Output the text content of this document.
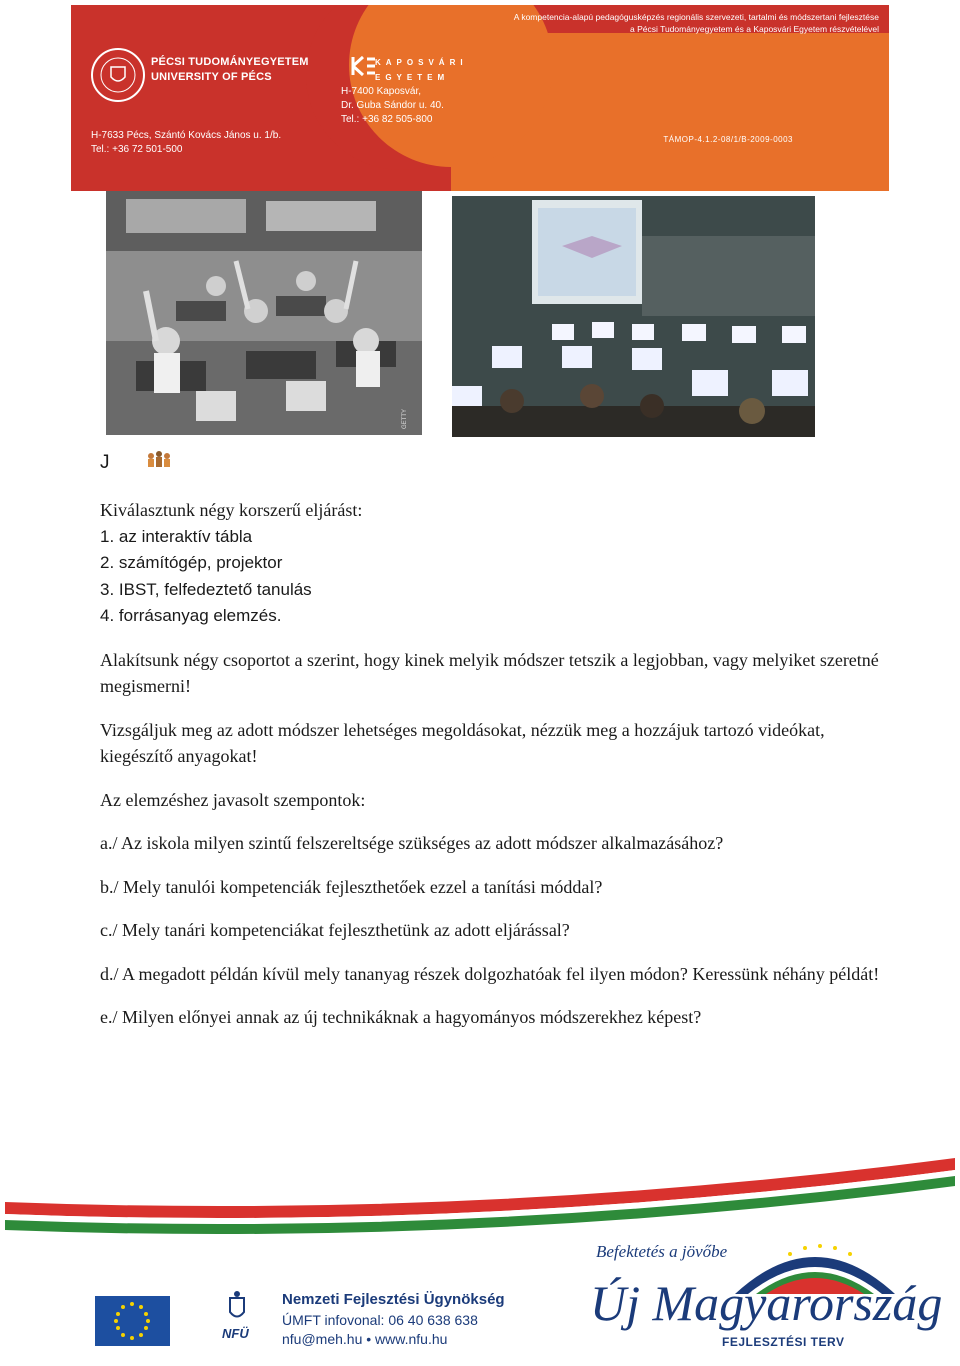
PÉCSI TUDOMÁNYEGYETEM
UNIVERSITY OF PÉCS
H-7633 Pécs, Szántó Kovács János u. 1/b.
Tel.: +36 72 501-500
KAPOSVÁRI
EGYETEM
H-7400 Kaposvár,
Dr. Guba Sándor u. 40.
Tel.: +36 82 505-800
A kompetencia-alapú pedagógusképzés regionális szervezeti, tartalmi és módszertani fejlesztése
a Pécsi Tudományegyetem és a Kaposvári Egyetem részvételével
TÁMOP-4.1.2-08/1/B-2009-0003
GETTY
J

Kiválasztunk négy korszerű eljárást:

1. az interaktív tábla

2. számítógép, projektor

3. IBST, felfedeztető tanulás

4. forrásanyag elemzés.

Alakítsunk négy csoportot a szerint, hogy kinek melyik módszer tetszik a legjobban, vagy melyiket szeretné megismerni!

Vizsgáljuk meg az adott módszer lehetséges megoldásokat, nézzük meg a hozzájuk tartozó videókat, kiegészítő anyagokat!

Az elemzéshez javasolt szempontok:

a./ Az iskola milyen szintű felszereltsége szükséges az adott módszer alkalmazásához?

b./ Mely tanulói kompetenciák fejleszthetőek ezzel a tanítási móddal?

c./ Mely tanári kompetenciákat fejleszthetünk az adott eljárással?

d./ A megadott példán kívül mely tananyag részek dolgozhatóak fel ilyen módon? Keressünk néhány példát!

e./ Milyen előnyei annak az új technikáknak a hagyományos módszerekhez képest?

NFÜ
Nemzeti Fejlesztési Ügynökség
ÚMFT infovonal: 06 40 638 638
nfu@meh.hu • www.nfu.hu
Befektetés a jövőbe
Új Magyarország
FEJLESZTÉSI TERV
